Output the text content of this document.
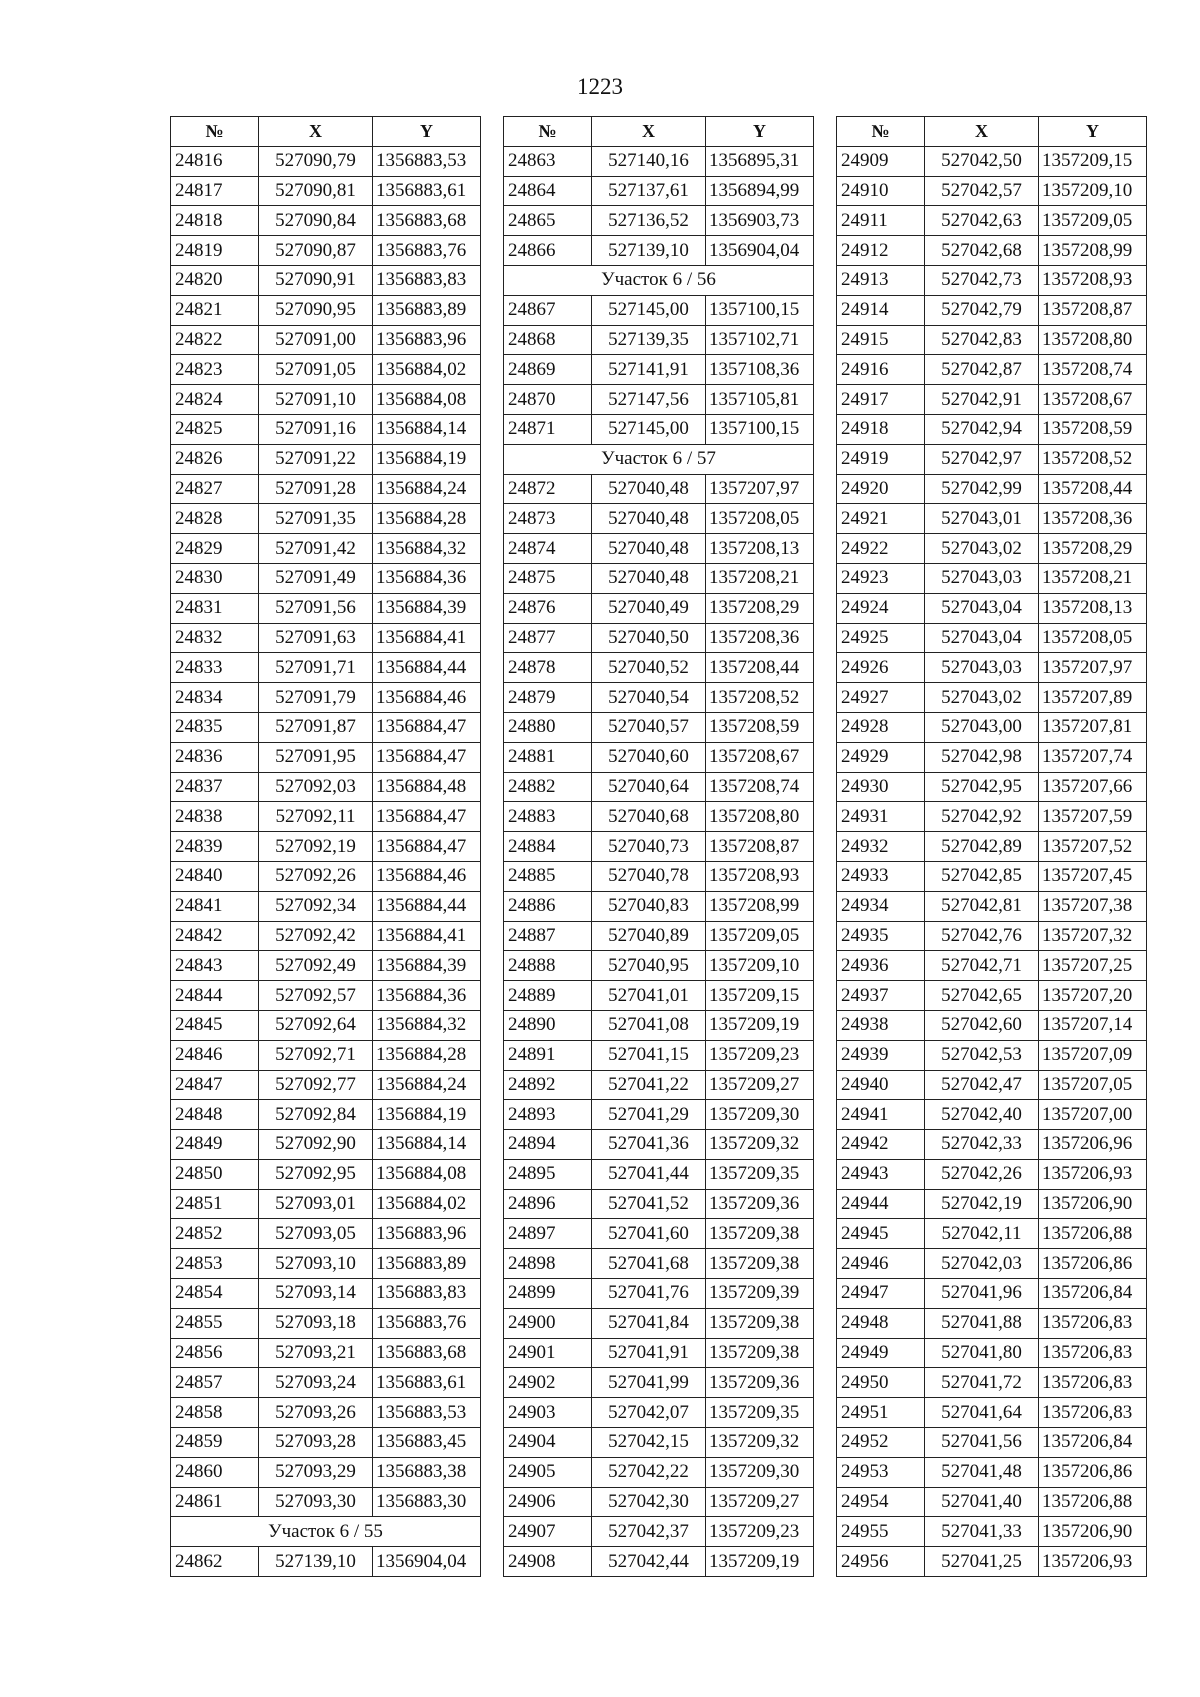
1223
№	X	Y
24816	527090,79	1356883,53
24817	527090,81	1356883,61
24818	527090,84	1356883,68
24819	527090,87	1356883,76
24820	527090,91	1356883,83
24821	527090,95	1356883,89
24822	527091,00	1356883,96
24823	527091,05	1356884,02
24824	527091,10	1356884,08
24825	527091,16	1356884,14
24826	527091,22	1356884,19
24827	527091,28	1356884,24
24828	527091,35	1356884,28
24829	527091,42	1356884,32
24830	527091,49	1356884,36
24831	527091,56	1356884,39
24832	527091,63	1356884,41
24833	527091,71	1356884,44
24834	527091,79	1356884,46
24835	527091,87	1356884,47
24836	527091,95	1356884,47
24837	527092,03	1356884,48
24838	527092,11	1356884,47
24839	527092,19	1356884,47
24840	527092,26	1356884,46
24841	527092,34	1356884,44
24842	527092,42	1356884,41
24843	527092,49	1356884,39
24844	527092,57	1356884,36
24845	527092,64	1356884,32
24846	527092,71	1356884,28
24847	527092,77	1356884,24
24848	527092,84	1356884,19
24849	527092,90	1356884,14
24850	527092,95	1356884,08
24851	527093,01	1356884,02
24852	527093,05	1356883,96
24853	527093,10	1356883,89
24854	527093,14	1356883,83
24855	527093,18	1356883,76
24856	527093,21	1356883,68
24857	527093,24	1356883,61
24858	527093,26	1356883,53
24859	527093,28	1356883,45
24860	527093,29	1356883,38
24861	527093,30	1356883,30
Участок 6 / 55		
24862	527139,10	1356904,04
№	X	Y
24863	527140,16	1356895,31
24864	527137,61	1356894,99
24865	527136,52	1356903,73
24866	527139,10	1356904,04
Участок 6 / 56		
24867	527145,00	1357100,15
24868	527139,35	1357102,71
24869	527141,91	1357108,36
24870	527147,56	1357105,81
24871	527145,00	1357100,15
Участок 6 / 57		
24872	527040,48	1357207,97
24873	527040,48	1357208,05
24874	527040,48	1357208,13
24875	527040,48	1357208,21
24876	527040,49	1357208,29
24877	527040,50	1357208,36
24878	527040,52	1357208,44
24879	527040,54	1357208,52
24880	527040,57	1357208,59
24881	527040,60	1357208,67
24882	527040,64	1357208,74
24883	527040,68	1357208,80
24884	527040,73	1357208,87
24885	527040,78	1357208,93
24886	527040,83	1357208,99
24887	527040,89	1357209,05
24888	527040,95	1357209,10
24889	527041,01	1357209,15
24890	527041,08	1357209,19
24891	527041,15	1357209,23
24892	527041,22	1357209,27
24893	527041,29	1357209,30
24894	527041,36	1357209,32
24895	527041,44	1357209,35
24896	527041,52	1357209,36
24897	527041,60	1357209,38
24898	527041,68	1357209,38
24899	527041,76	1357209,39
24900	527041,84	1357209,38
24901	527041,91	1357209,38
24902	527041,99	1357209,36
24903	527042,07	1357209,35
24904	527042,15	1357209,32
24905	527042,22	1357209,30
24906	527042,30	1357209,27
24907	527042,37	1357209,23
24908	527042,44	1357209,19
№	X	Y
24909	527042,50	1357209,15
24910	527042,57	1357209,10
24911	527042,63	1357209,05
24912	527042,68	1357208,99
24913	527042,73	1357208,93
24914	527042,79	1357208,87
24915	527042,83	1357208,80
24916	527042,87	1357208,74
24917	527042,91	1357208,67
24918	527042,94	1357208,59
24919	527042,97	1357208,52
24920	527042,99	1357208,44
24921	527043,01	1357208,36
24922	527043,02	1357208,29
24923	527043,03	1357208,21
24924	527043,04	1357208,13
24925	527043,04	1357208,05
24926	527043,03	1357207,97
24927	527043,02	1357207,89
24928	527043,00	1357207,81
24929	527042,98	1357207,74
24930	527042,95	1357207,66
24931	527042,92	1357207,59
24932	527042,89	1357207,52
24933	527042,85	1357207,45
24934	527042,81	1357207,38
24935	527042,76	1357207,32
24936	527042,71	1357207,25
24937	527042,65	1357207,20
24938	527042,60	1357207,14
24939	527042,53	1357207,09
24940	527042,47	1357207,05
24941	527042,40	1357207,00
24942	527042,33	1357206,96
24943	527042,26	1357206,93
24944	527042,19	1357206,90
24945	527042,11	1357206,88
24946	527042,03	1357206,86
24947	527041,96	1357206,84
24948	527041,88	1357206,83
24949	527041,80	1357206,83
24950	527041,72	1357206,83
24951	527041,64	1357206,83
24952	527041,56	1357206,84
24953	527041,48	1357206,86
24954	527041,40	1357206,88
24955	527041,33	1357206,90
24956	527041,25	1357206,93
